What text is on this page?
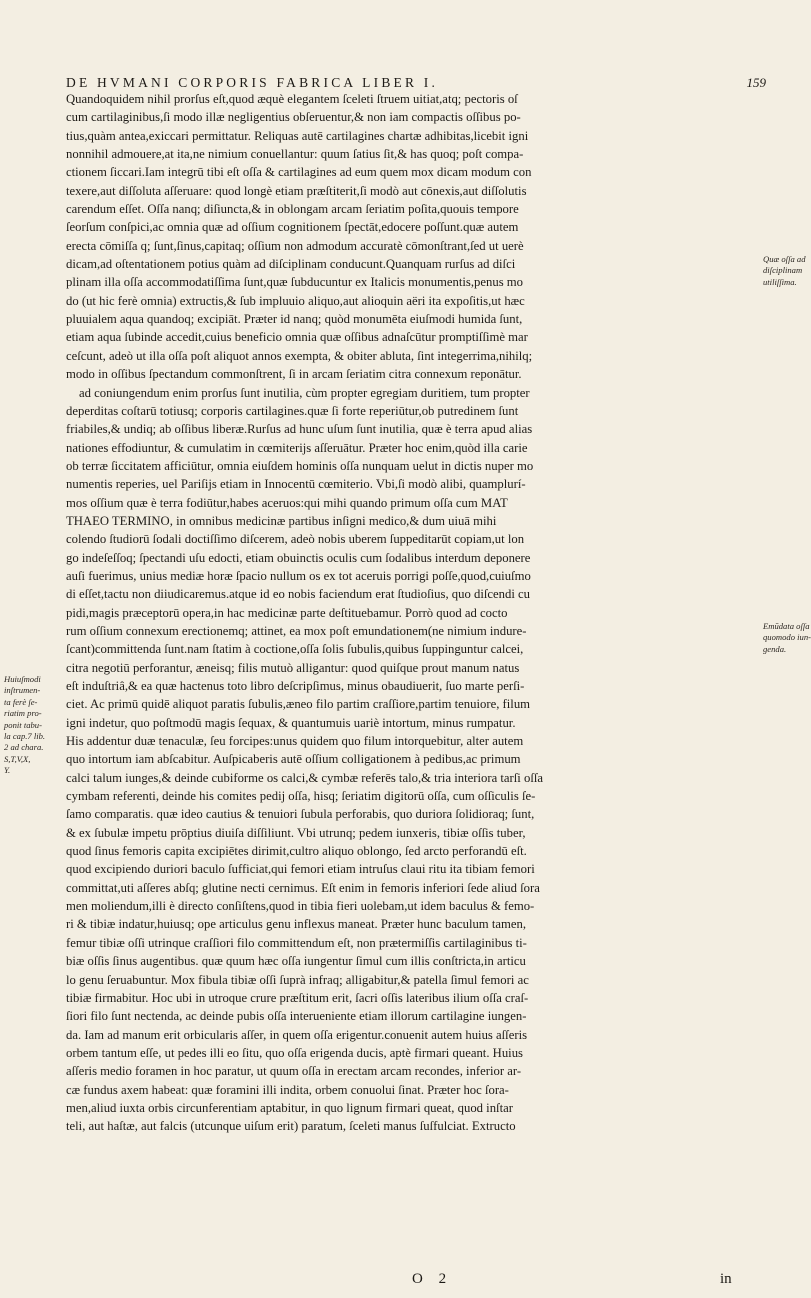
DE HVMANI CORPORIS FABRICA LIBER I.	159
Quandoquidem nihil prorſus eſt,quod æquè elegantem ſceleti ſtruem uitiat,atq; pectoris oſ
cum cartilaginibus,ſi modo illæ negligentius obſeruentur,& non iam compactis oſſibus po-
tius,quàm antea,exiccari permittatur. Reliquas autē cartilagines chartæ adhibitas,licebit igni
nonnihil admouere,at ita,ne nimium conuellantur: quum ſatius ſit,& has quoq; poſt compa-
ctionem ſiccari.Iam integrū tibi eſt oſſa & cartilagines ad eum quem mox dicam modum con
texere,aut diſſoluta aſſeruare: quod longè etiam præſtiterit,ſi modò aut cōnexis,aut diſſolutis
carendum eſſet. Oſſa nanq; diſiuncta,& in oblongam arcam ſeriatim poſita,quouis tempore
ſeorſum conſpici,ac omnia quæ ad oſſium cognitionem ſpectāt,edocere poſſunt.quæ autem
erecta cōmiſſa q; ſunt,ſinus,capitaq; oſſium non admodum accuratè cōmonſtrant,ſed ut uerè
dicam,ad oſtentationem potius quàm ad diſciplinam conducunt.Quanquam rurſus ad diſci
plinam illa oſſa accommodatiſſima ſunt,quæ ſubducuntur ex Italicis monumentis,penus mo
do (ut hic ferè omnia) extructis,& ſub impluuio aliquo,aut alioquin aëri ita expoſitis,ut hæc
pluuialem aqua quandoq; excipiāt. Præter id nanq; quòd monumēta eiuſmodi humida ſunt,
etiam aqua ſubinde accedit,cuius beneficio omnia quæ oſſibus adnaſcūtur promptiſſimè mar
ceſcunt, adeò ut illa oſſa poſt aliquot annos exempta, & obiter abluta, ſint integerrima,nihilq;
modo in oſſibus ſpectandum commonſtrent, ſi in arcam ſeriatim citra connexum reponātur.
ad coniungendum enim prorſus ſunt inutilia, cùm propter egregiam duritiem, tum propter
deperditas coſtarū totiusq; corporis cartilagines.quæ ſi forte reperiūtur,ob putredinem ſunt
friabiles,& undiq; ab oſſibus liberæ.Rurſus ad hunc uſum ſunt inutilia, quæ è terra apud alias
nationes effodiuntur, & cumulatim in cœmiterijs aſſeruātur. Præter hoc enim,quòd illa carie
ob terræ ſiccitatem afficiūtur, omnia eiuſdem hominis oſſa nunquam uelut in dictis nuper mo
numentis reperies, uel Pariſijs etiam in Innocentū cœmiterio. Vbi,ſi modò alibi, quamplurí-
mos oſſium quæ è terra fodiūtur,habes aceruos:qui mihi quando primum oſſa cum MAT
THAEO TERMINO, in omnibus medicinæ partibus inſigni medico,& dum uiuā mihi
colendo ſtudiorū ſodali doctiſſimo diſcerem, adeò nobis uberem ſuppeditarūt copiam,ut lon
go indeſeſſoq; ſpectandi uſu edocti, etiam obuinctis oculis cum ſodalibus interdum deponere
auſi fuerimus, unius mediæ horæ ſpacio nullum os ex tot aceruis porrigi poſſe,quod,cuiuſmo
di eſſet,tactu non diiudicaremus.atque id eo nobis faciendum erat ſtudioſius, quo diſcendi cu
pidi,magis præceptorū opera,in hac medicinæ parte deſtituebamur. Porrò quod ad cocto
rum oſſium connexum erectionemq; attinet, ea mox poſt emundationem(ne nimium indure-
ſcant)committenda ſunt.nam ſtatim à coctione,oſſa ſolis ſubulis,quibus ſuppinguntur calcei,
citra negotiū perforantur, æneisq; filis mutuò alligantur: quod quiſque prout manum natus
eſt induſtriâ,& ea quæ hactenus toto libro deſcripſimus, minus obaudiuerit, ſuo marte perſi-
ciet. Ac primū quidē aliquot paratis ſubulis,æneo filo partim craſſiore,partim tenuiore, filum
igni indetur, quo poſtmodū magis ſequax, & quantumuis uariè intortum, minus rumpatur.
His addentur duæ tenaculæ, ſeu forcipes:unus quidem quo filum intorquebitur, alter autem
quo intortum iam abſcabitur. Auſpicaberis autē oſſium colligationem à pedibus,ac primum
calci talum iunges,& deinde cubiforme os calci,& cymbæ referēs talo,& tria interiora tarſi oſſa
cymbam referenti, deinde his comites pedij oſſa, hisq; ſeriatim digitorū oſſa, cum oſſiculis ſe-
ſamo comparatis. quæ ideo cautius & tenuiori ſubula perforabis, quo duriora ſolidioraq; ſunt,
& ex ſubulæ impetu prōptius diuiſa diſſiliunt. Vbi utrunq; pedem iunxeris, tibiæ oſſis tuber,
quod ſinus femoris capita excipiētes dirimit,cultro aliquo oblongo, ſed arcto perforandū eſt.
quod excipiendo duriori baculo ſufficiat,qui femori etiam intruſus claui ritu ita tibiam femori
committat,uti aſſeres abſq; glutine necti cernimus. Eſt enim in femoris inferiori ſede aliud ſora
men moliendum,illi è directo conſiſtens,quod in tibia fieri uolebam,ut idem baculus & femo-
ri & tibiæ indatur,huiusq; ope articulus genu inflexus maneat. Præter hunc baculum tamen,
femur tibiæ oſſi utrinque craſſiori filo committendum eſt, non prætermiſſis cartilaginibus ti-
biæ oſſis ſinus augentibus. quæ quum hæc oſſa iungentur ſimul cum illis conſtricta,in articu
lo genu ſeruabuntur. Mox fibula tibiæ oſſi ſuprà infraq; alligabitur,& patella ſimul femori ac
tibiæ firmabitur. Hoc ubi in utroque crure præſtitum erit, ſacri oſſis lateribus ilium oſſa craſ-
ſiori filo ſunt nectenda, ac deinde pubis oſſa interueniente etiam illorum cartilagine iungen-
da. Iam ad manum erit orbicularis aſſer, in quem oſſa erigentur.conuenit autem huius aſſeris
orbem tantum eſſe, ut pedes illi eo ſitu, quo oſſa erigenda ducis, aptè firmari queant. Huius
aſſeris medio foramen in hoc paratur, ut quum oſſa in erectam arcam recondes, inferior ar-
cæ fundus axem habeat: quæ foramini illi indita, orbem conuolui ſinat. Præter hoc ſora-
men,aliud iuxta orbis circunferentiam aptabitur, in quo lignum firmari queat, quod inſtar
teli, aut haſtæ, aut falcis (utcunque uiſum erit) paratum, ſceleti manus ſuſfulciat. Extructo
Quæ oſſa ad
diſciplinam
utiliſſima.
Emūdata oſſa
quomodo iun-
genda.
Huiuſmodi
inſtrumen-
ta ferè ſe-
riatim pro-
ponit tabu-
la cap.7 lib.
2 ad chara.
S,T,V,X,
Y.
O 2	in
